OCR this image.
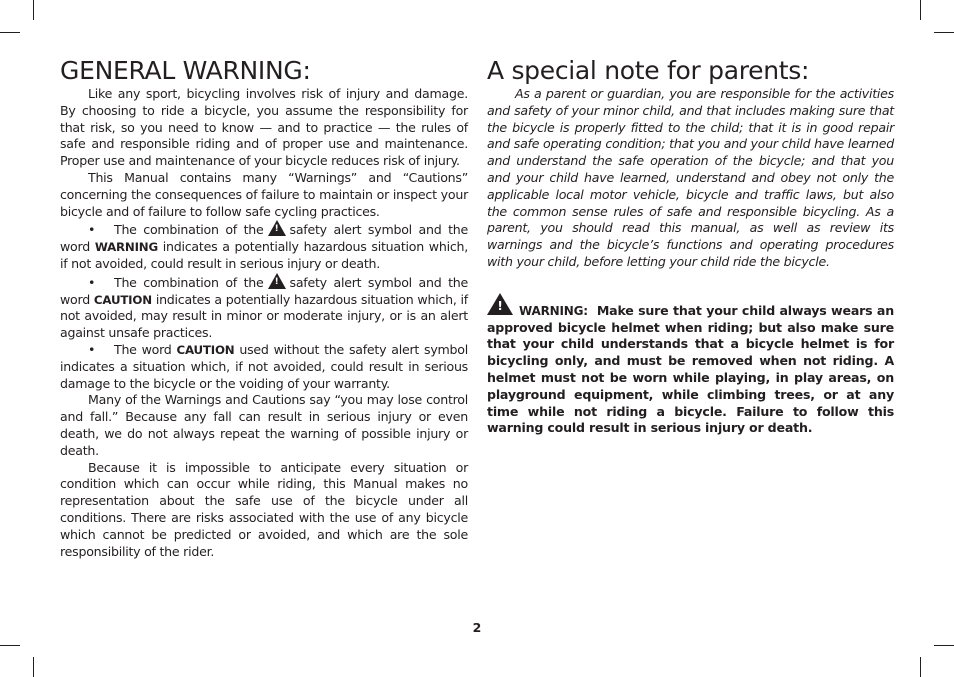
GENERAL WARNING:

Like any sport, bicycling involves risk of injury and damage. By choosing to ride a bicycle, you assume the responsibility for that risk, so you need to know — and to practice — the rules of safe and responsible riding and of proper use and maintenance. Proper use and maintenance of your bicycle reduces risk of injury.

This Manual contains many “Warnings” and “Cautions” concerning the consequences of failure to maintain or inspect your bicycle and of failure to follow safe cycling practices.

• The combination of the ! safety alert symbol and the word WARNING indicates a potentially hazardous situation which, if not avoided, could result in serious injury or death.

• The combination of the ! safety alert symbol and the word CAUTION indicates a potentially hazardous situation which, if not avoided, may result in minor or moderate injury, or is an alert against unsafe practices.

• The word CAUTION used without the safety alert symbol indicates a situation which, if not avoided, could result in serious damage to the bicycle or the voiding of your warranty.

Many of the Warnings and Cautions say “you may lose control and fall.” Because any fall can result in serious injury or even death, we do not always repeat the warning of possible injury or death.

Because it is impossible to anticipate every situation or condition which can occur while riding, this Manual makes no representation about the safe use of the bicycle under all conditions. There are risks associated with the use of any bicycle which cannot be predicted or avoided, and which are the sole responsibility of the rider.

A special note for parents:

As a parent or guardian, you are responsible for the activities and safety of your minor child, and that includes making sure that the bicycle is properly fitted to the child; that it is in good repair and safe operating condition; that you and your child have learned and understand the safe operation of the bicycle; and that you and your child have learned, understand and obey not only the applicable local motor vehicle, bicycle and traffic laws, but also the common sense rules of safe and responsible bicycling. As a parent, you should read this manual, as well as review its warnings and the bicycle’s functions and operating procedures with your child, before letting your child ride the bicycle.

! WARNING: Make sure that your child always wears an approved bicycle helmet when riding; but also make sure that your child understands that a bicycle helmet is for bicycling only, and must be removed when not riding. A helmet must not be worn while playing, in play areas, on playground equipment, while climbing trees, or at any time while not riding a bicycle. Failure to follow this warning could result in serious injury or death.
2
